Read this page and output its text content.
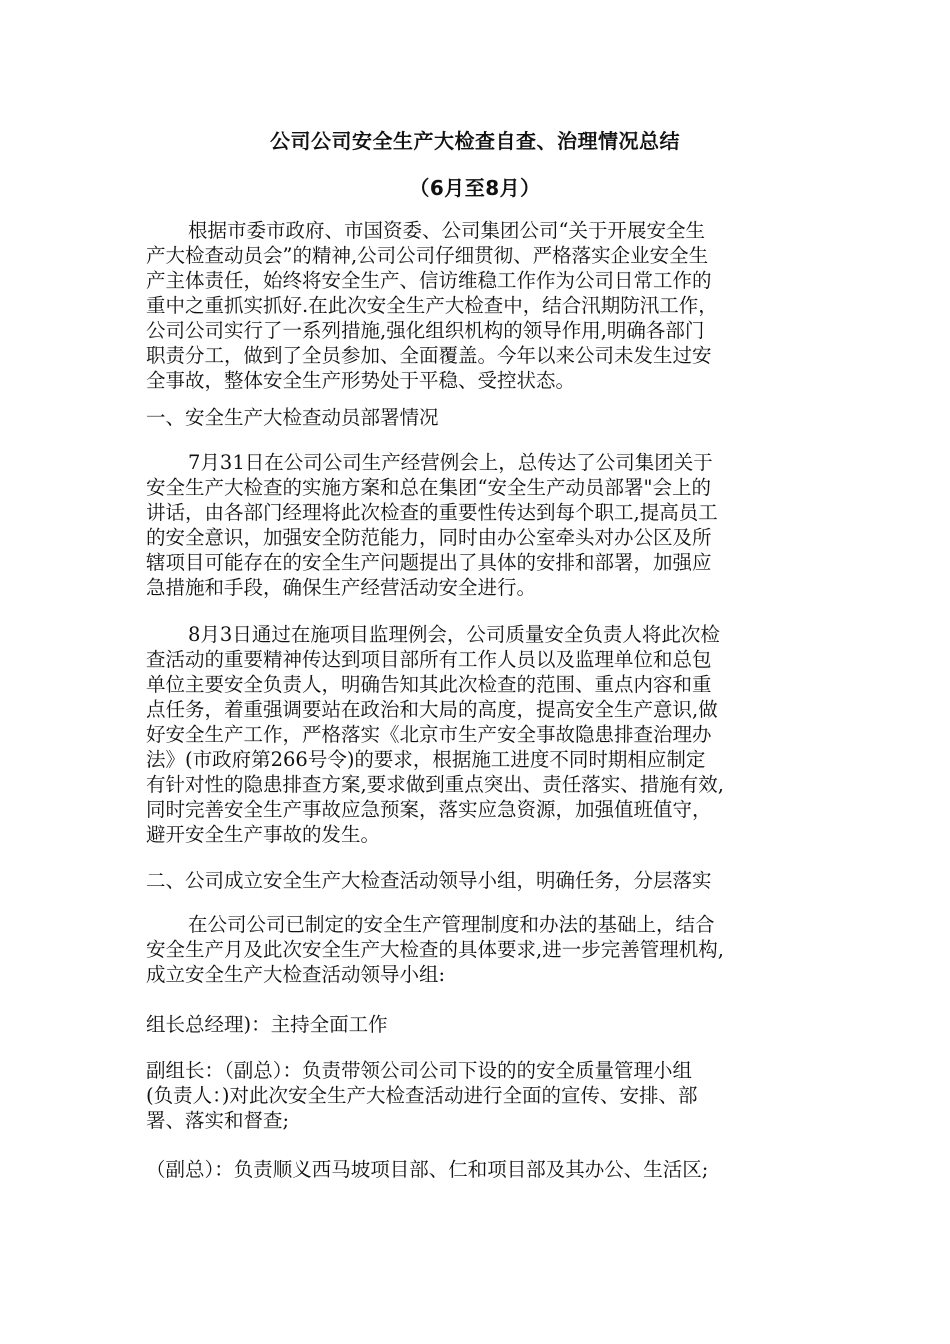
公司公司安全生产大检查自查、治理情况总结
（6月至8月）
根据市委市政府、市国资委、公司集团公司“关于开展安全生
产大检查动员会”的精神,公司公司仔细贯彻、严格落实企业安全生
产主体责任，始终将安全生产、信访维稳工作作为公司日常工作的
重中之重抓实抓好.在此次安全生产大检查中，结合汛期防汛工作，
公司公司实行了一系列措施,强化组织机构的领导作用,明确各部门
职责分工，做到了全员参加、全面覆盖。今年以来公司未发生过安
全事故，整体安全生产形势处于平稳、受控状态。
一、安全生产大检查动员部署情况
7月31日在公司公司生产经营例会上，总传达了公司集团关于
安全生产大检查的实施方案和总在集团“安全生产动员部署"会上的
讲话，由各部门经理将此次检查的重要性传达到每个职工,提高员工
的安全意识，加强安全防范能力，同时由办公室牵头对办公区及所
辖项目可能存在的安全生产问题提出了具体的安排和部署，加强应
急措施和手段，确保生产经营活动安全进行。
8月3日通过在施项目监理例会，公司质量安全负责人将此次检
查活动的重要精神传达到项目部所有工作人员以及监理单位和总包
单位主要安全负责人，明确告知其此次检查的范围、重点内容和重
点任务，着重强调要站在政治和大局的高度，提高安全生产意识,做
好安全生产工作，严格落实《北京市生产安全事故隐患排查治理办
法》(市政府第266号令)的要求，根据施工进度不同时期相应制定
有针对性的隐患排查方案,要求做到重点突出、责任落实、措施有效,
同时完善安全生产事故应急预案，落实应急资源，加强值班值守，
避开安全生产事故的发生。
二、公司成立安全生产大检查活动领导小组，明确任务，分层落实
在公司公司已制定的安全生产管理制度和办法的基础上，结合
安全生产月及此次安全生产大检查的具体要求,进一步完善管理机构,
成立安全生产大检查活动领导小组:
组长总经理)：主持全面工作
副组长：（副总）：负责带领公司公司下设的的安全质量管理小组
(负责人：)对此次安全生产大检查活动进行全面的宣传、安排、部
署、落实和督查;
（副总）：负责顺义西马坡项目部、仁和项目部及其办公、生活区;
